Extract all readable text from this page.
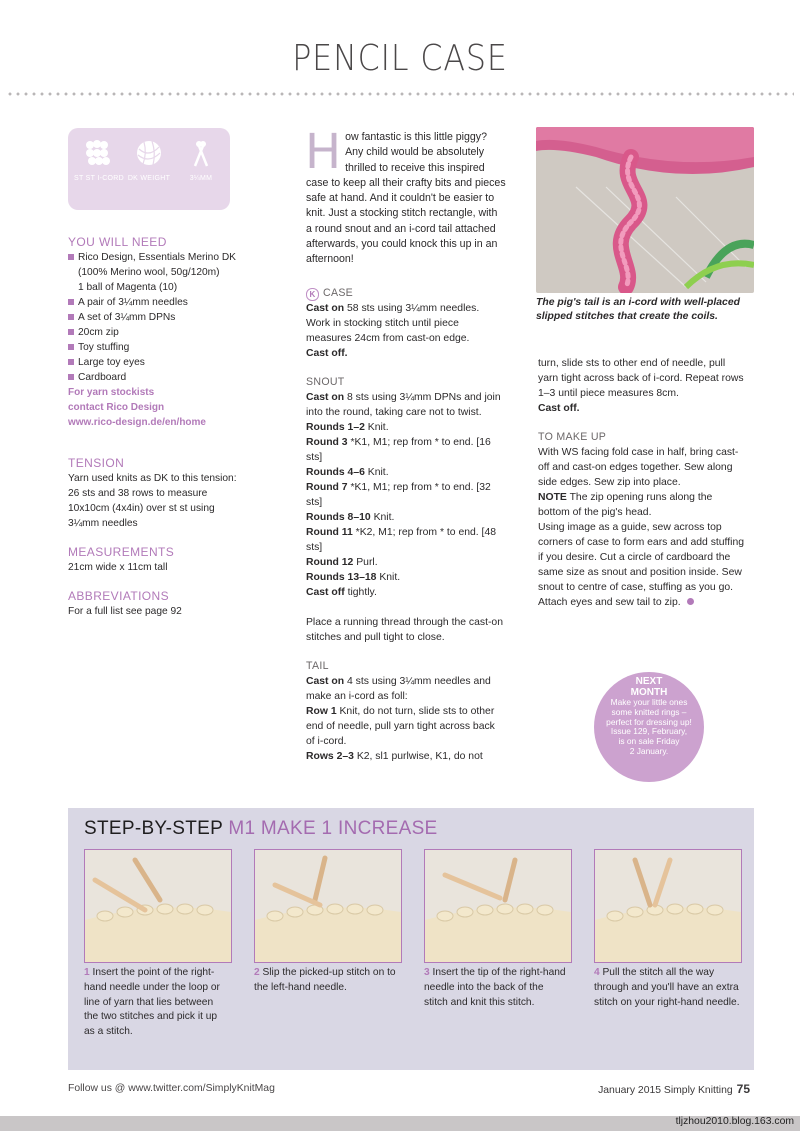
PENCIL CASE
ST ST I-CORD DK WEIGHT	3¼MM
YOU WILL NEED
Rico Design, Essentials Merino DK (100% Merino wool, 50g/120m)
1 ball of Magenta (10)
A pair of 3¼mm needles
A set of 3¼mm DPNs
20cm zip
Toy stuffing
Large toy eyes
Cardboard
For yarn stockists
contact Rico Design
www.rico-design.de/en/home
TENSION
Yarn used knits as DK to this tension: 26 sts and 38 rows to measure 10x10cm (4x4in) over st st using 3¼mm needles
MEASUREMENTS
21cm wide x 11cm tall
ABBREVIATIONS
For a full list see page 92
How fantastic is this little piggy? Any child would be absolutely thrilled to receive this inspired case to keep all their crafty bits and pieces safe at hand. And it couldn't be easier to knit. Just a stocking stitch rectangle, with a round snout and an i-cord tail attached afterwards, you could knock this up in an afternoon!
K CASE

Cast on 58 sts using 3¼mm needles. Work in stocking stitch until piece measures 24cm from cast-on edge.

Cast off.

SNOUT

Cast on 8 sts using 3¼mm DPNs and join into the round, taking care not to twist.

Rounds 1–2 Knit.

Round 3 *K1, M1; rep from * to end. [16 sts]

Rounds 4–6 Knit.

Round 7 *K1, M1; rep from * to end. [32 sts]

Rounds 8–10 Knit.

Round 11 *K2, M1; rep from * to end. [48 sts]

Round 12 Purl.

Rounds 13–18 Knit.

Cast off tightly.

Place a running thread through the cast-on stitches and pull tight to close.

TAIL

Cast on 4 sts using 3¼mm needles and make an i-cord as foll:

Row 1 Knit, do not turn, slide sts to other end of needle, pull yarn tight across back of i-cord.

Rows 2–3 K2, sl1 purlwise, K1, do not

The pig's tail is an i-cord with well-placed slipped stitches that create the coils.

turn, slide sts to other end of needle, pull yarn tight across back of i-cord. Repeat rows 1–3 until piece measures 8cm.

Cast off.

TO MAKE UP

With WS facing fold case in half, bring cast-off and cast-on edges together. Sew along side edges. Sew zip into place.

NOTE The zip opening runs along the bottom of the pig's head.

Using image as a guide, sew across top corners of case to form ears and add stuffing if you desire. Cut a circle of cardboard the same size as snout and position inside. Sew snout to centre of case, stuffing as you go. Attach eyes and sew tail to zip.

NEXT
MONTH
Make your little ones
some knitted rings –
perfect for dressing up!
Issue 129, February,
is on sale Friday
2 January.
STEP-BY-STEP M1 MAKE 1 INCREASE
1 Insert the point of the right-hand needle under the loop or line of yarn that lies between the two stitches and pick it up as a stitch.
2 Slip the picked-up stitch on to the left-hand needle.
3 Insert the tip of the right-hand needle into the back of the stitch and knit this stitch.
4 Pull the stitch all the way through and you'll have an extra stitch on your right-hand needle.
Follow us @ www.twitter.com/SimplyKnitMag	January 2015 Simply Knitting 75
tljzhou2010.blog.163.com
